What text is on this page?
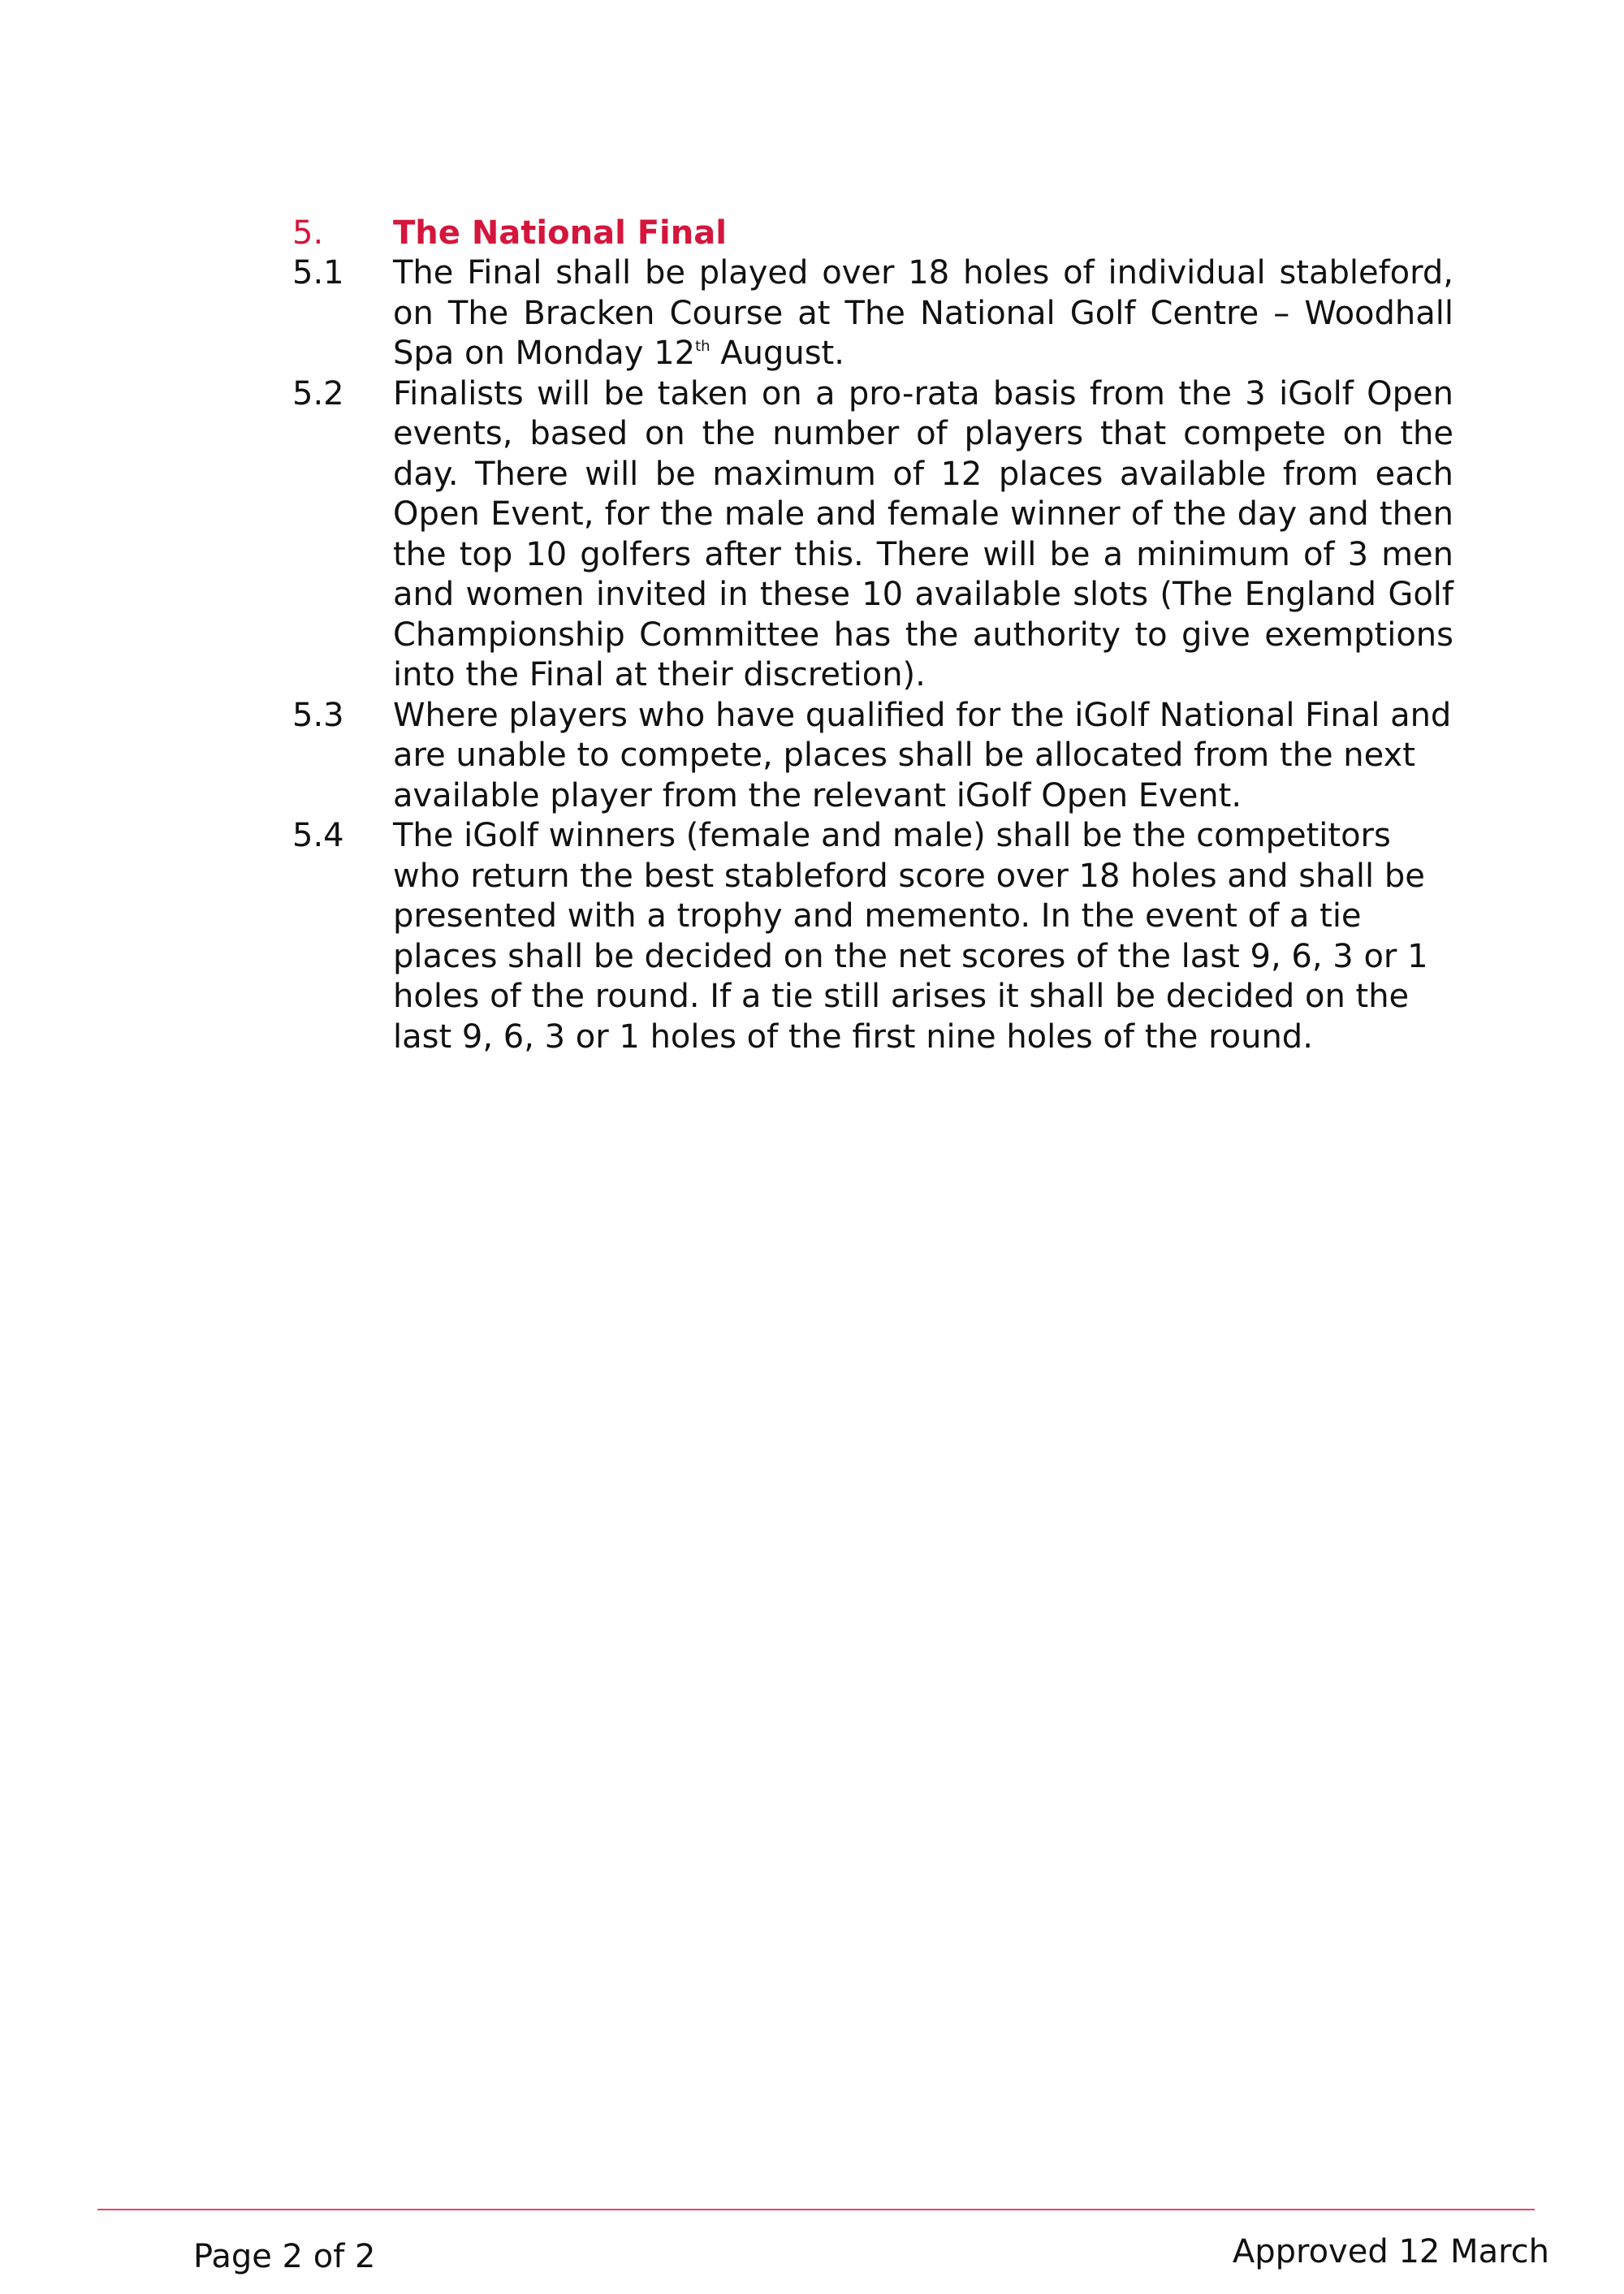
5.	The National Final
5.1	The Final shall be played over 18 holes of individual stableford, on The Bracken Course at The National Golf Centre – Woodhall Spa on Monday 12th August.
5.2	Finalists will be taken on a pro-rata basis from the 3 iGolf Open events, based on the number of players that compete on the day. There will be maximum of 12 places available from each Open Event, for the male and female winner of the day and then the top 10 golfers after this. There will be a minimum of 3 men and women invited in these 10 available slots (The England Golf Championship Committee has the authority to give exemptions into the Final at their discretion).
5.3	Where players who have qualified for the iGolf National Final and are unable to compete, places shall be allocated from the next available player from the relevant iGolf Open Event.
5.4	The iGolf winners (female and male) shall be the competitors who return the best stableford score over 18 holes and shall be presented with a trophy and memento. In the event of a tie places shall be decided on the net scores of the last 9, 6, 3 or 1 holes of the round. If a tie still arises it shall be decided on the last 9, 6, 3 or 1 holes of the first nine holes of the round.
Page 2 of 2	Approved 12 March
